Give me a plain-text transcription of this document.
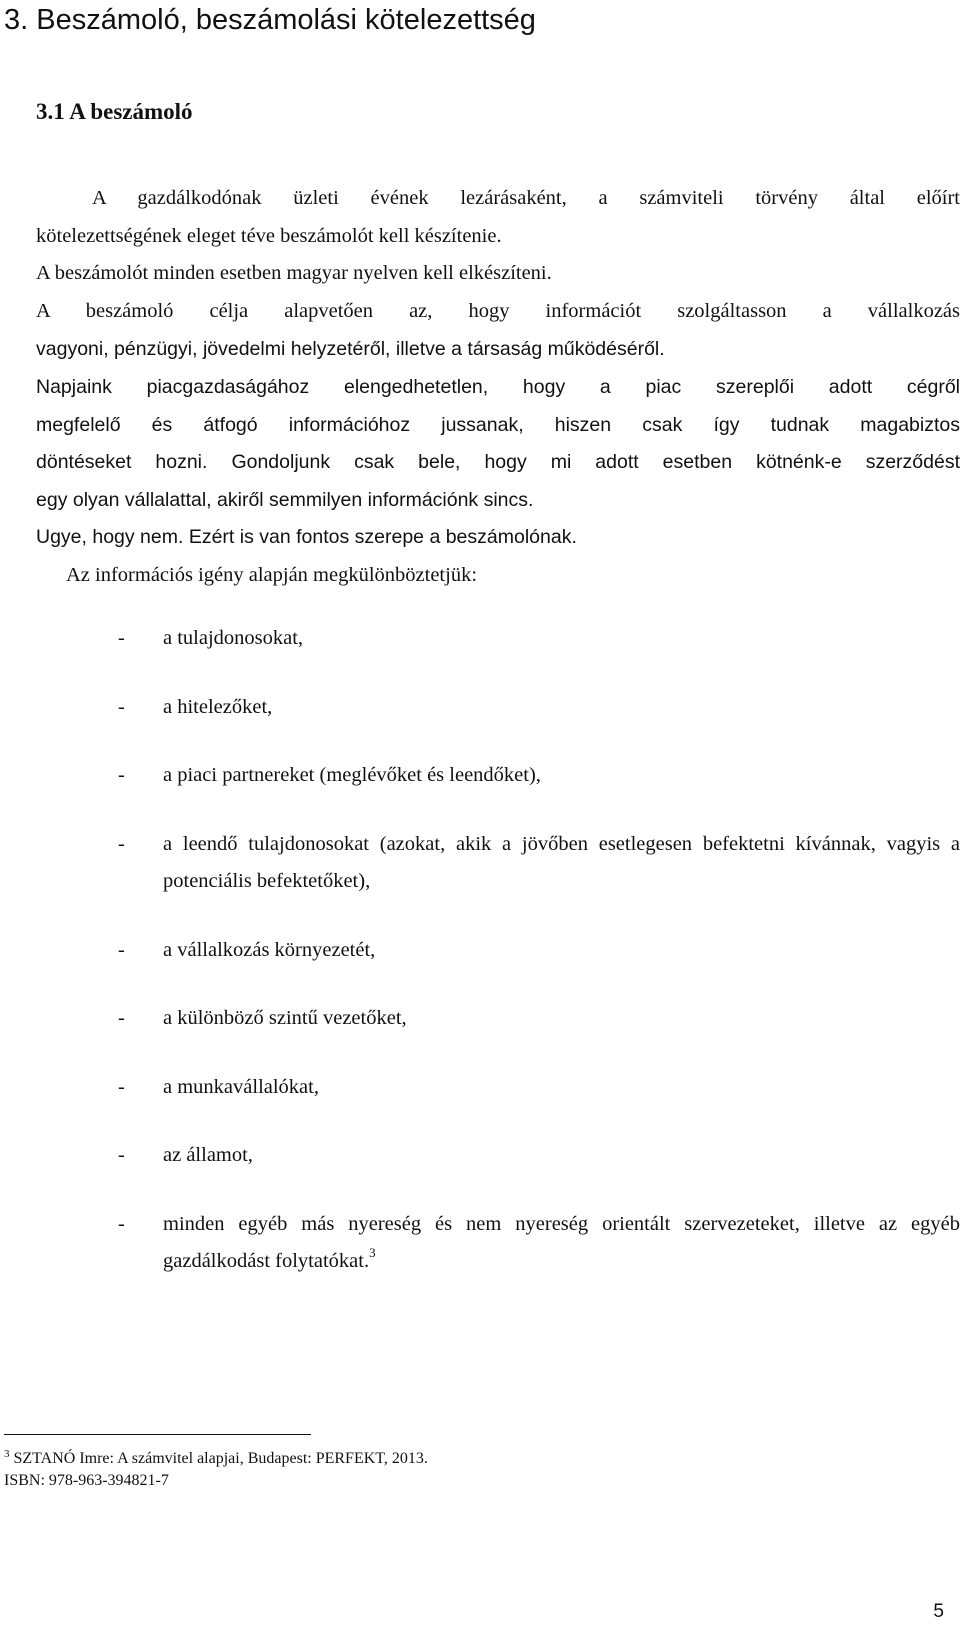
3. Beszámoló, beszámolási kötelezettség
3.1 A beszámoló
A gazdálkodónak üzleti évének lezárásaként, a számviteli törvény által előírt
kötelezettségének eleget téve beszámolót kell készítenie.
A beszámolót minden esetben magyar nyelven kell elkészíteni.
A beszámoló célja alapvetően az, hogy információt szolgáltasson a vállalkozás
vagyoni, pénzügyi, jövedelmi helyzetéről, illetve a társaság működéséről.
Napjaink piacgazdaságához elengedhetetlen, hogy a piac szereplői adott cégről
megfelelő és átfogó információhoz jussanak, hiszen csak így tudnak magabiztos
döntéseket hozni. Gondoljunk csak bele, hogy mi adott esetben kötnénk-e szerződést
egy olyan vállalattal, akiről semmilyen információnk sincs.
Ugye, hogy nem. Ezért is van fontos szerepe a beszámolónak.
Az információs igény alapján megkülönböztetjük:
- a tulajdonosokat,
- a hitelezőket,
- a piaci partnereket (meglévőket és leendőket),
- a leendő tulajdonosokat (azokat, akik a jövőben esetlegesen befektetni kívánnak, vagyis a potenciális befektetőket),
- a vállalkozás környezetét,
- a különböző szintű vezetőket,
- a munkavállalókat,
- az államot,
- minden egyéb más nyereség és nem nyereség orientált szervezeteket, illetve az egyéb gazdálkodást folytatókat.$^3$
$^3$ SZTANÓ Imre: A számvitel alapjai, Budapest: PERFEKT, 2013.
ISBN: 978-963-394821-7
5
